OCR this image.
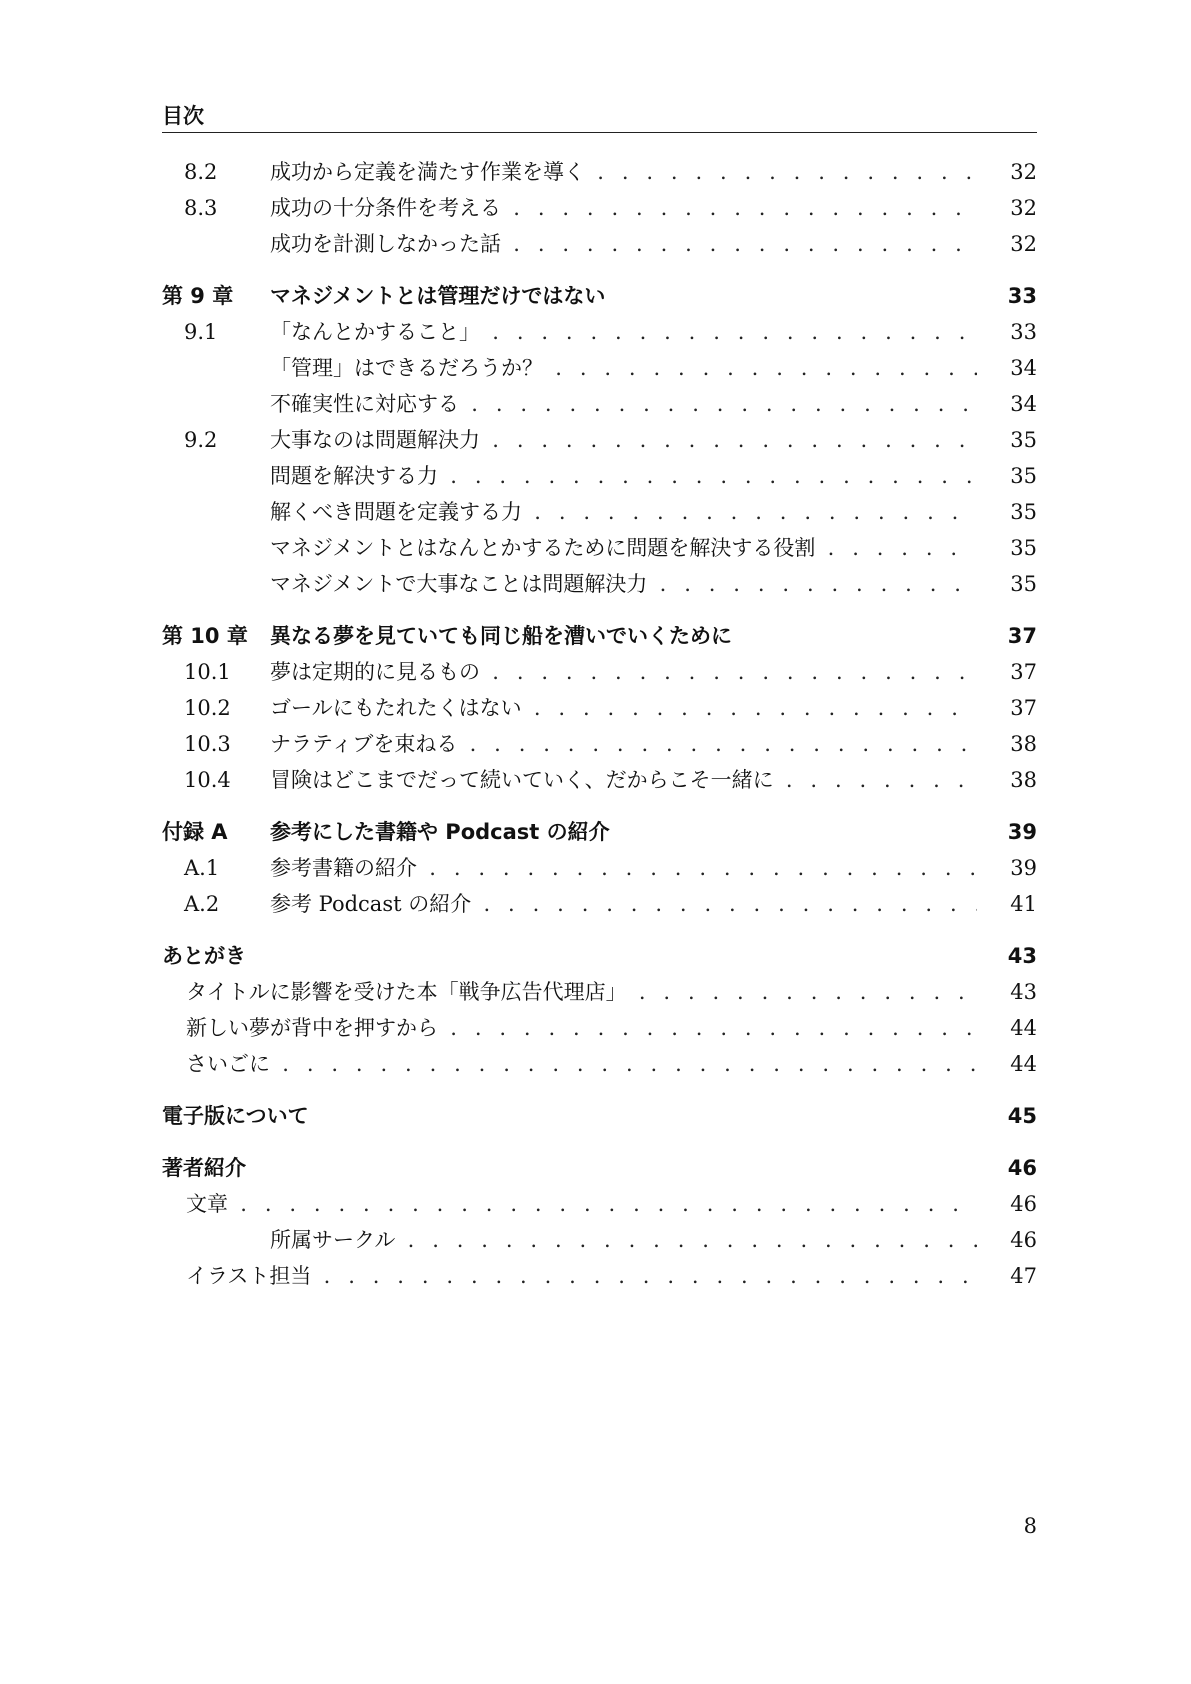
目次
8.2	成功から定義を満たす作業を導く . . .	32
8.3	成功の十分条件を考える . . .	32
成功を計測しなかった話 . . .	32
第 9 章 マネジメントとは管理だけではない	33
9.1	「なんとかすること」 . . .	33
「管理」はできるだろうか？ . . .	34
不確実性に対応する . . .	34
9.2	大事なのは問題解決力 . . .	35
問題を解決する力 . . .	35
解くべき問題を定義する力 . . .	35
マネジメントとはなんとかするために問題を解決する役割 . . .	35
マネジメントで大事なことは問題解決力 . . .	35
第 10 章 異なる夢を見ていても同じ船を漕いでいくために	37
10.1 夢は定期的に見るもの . . .	37
10.2 ゴールにもたれたくはない . . .	37
10.3 ナラティブを束ねる . . .	38
10.4 冒険はどこまでだって続いていく、だからこそ一緒に . . .	38
付録 A 参考にした書籍や Podcast の紹介	39
A.1 参考書籍の紹介 . . .	39
A.2 参考 Podcast の紹介 . . .	41
あとがき	43
タイトルに影響を受けた本「戦争広告代理店」 . . .	43
新しい夢が背中を押すから . . .	44
さいごに . . .	44
電子版について	45
著者紹介	46
文章 . . .	46
所属サークル . . .	46
イラスト担当 . . .	47
8
